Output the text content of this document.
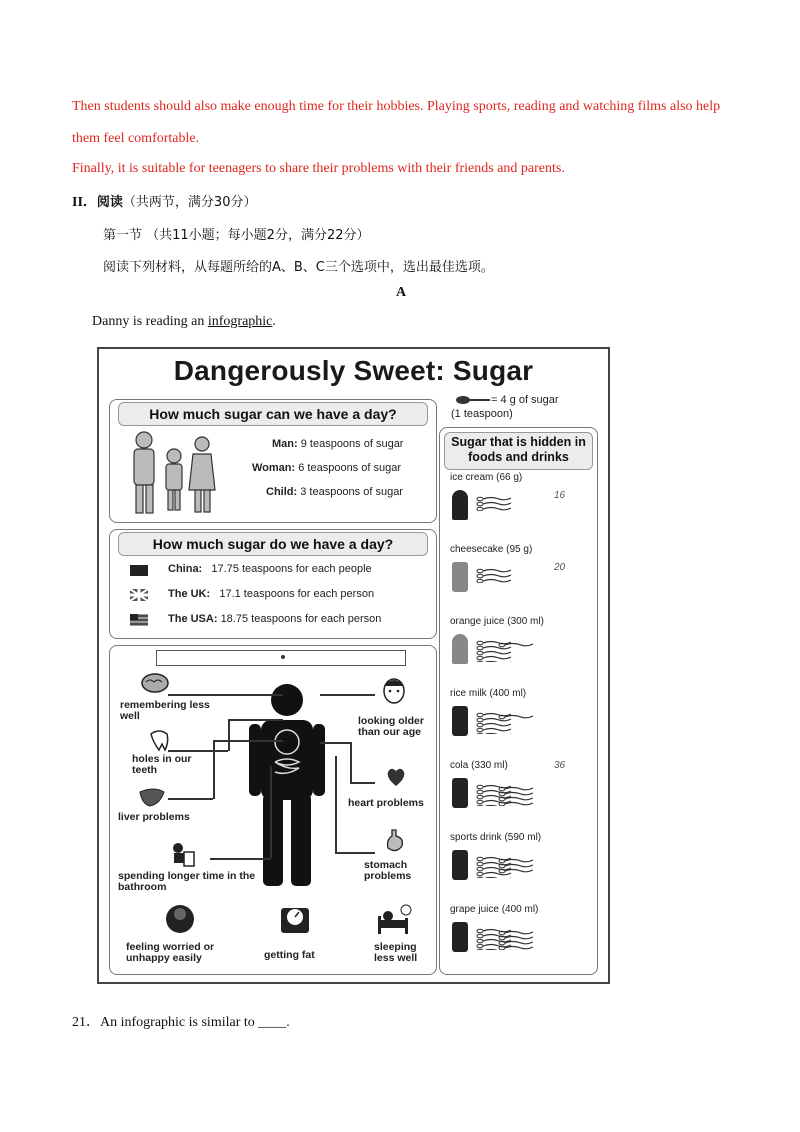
Then students should also make enough time for their hobbies. Playing sports, reading and watching films also help
them feel comfortable.
Finally, it is suitable for teenagers to share their problems with their friends and parents.
II．阅读（共两节，满分30分）
第一节 （共11小题；每小题2分，满分22分）
阅读下列材料，从每题所给的A、B、C三个选项中，选出最佳选项。
A
Danny is reading an infographic.
Dangerously Sweet: Sugar
= 4 g of sugar
(1 teaspoon)
How much sugar can we have a day?
Man: 9 teaspoons of sugar
Woman: 6 teaspoons of sugar
Child: 3 teaspoons of sugar
How much sugar do we have a day?
China: 17.75 teaspoons for each people
The UK: 17.1 teaspoons for each person
The USA: 18.75 teaspoons for each person
remembering less well
holes in our teeth
liver problems
spending longer time in the bathroom
feeling worried or unhappy easily	getting fat
looking older than our age
heart problems
stomach problems
sleeping less well
Sugar that is hidden in foods and drinks
ice cream (66 g)
16
cheesecake (95 g)
20
orange juice (300 ml)
rice milk (400 ml)
cola (330 ml)	36
sports drink (590 ml)
grape juice (400 ml)
21．An infographic is similar to ____.
